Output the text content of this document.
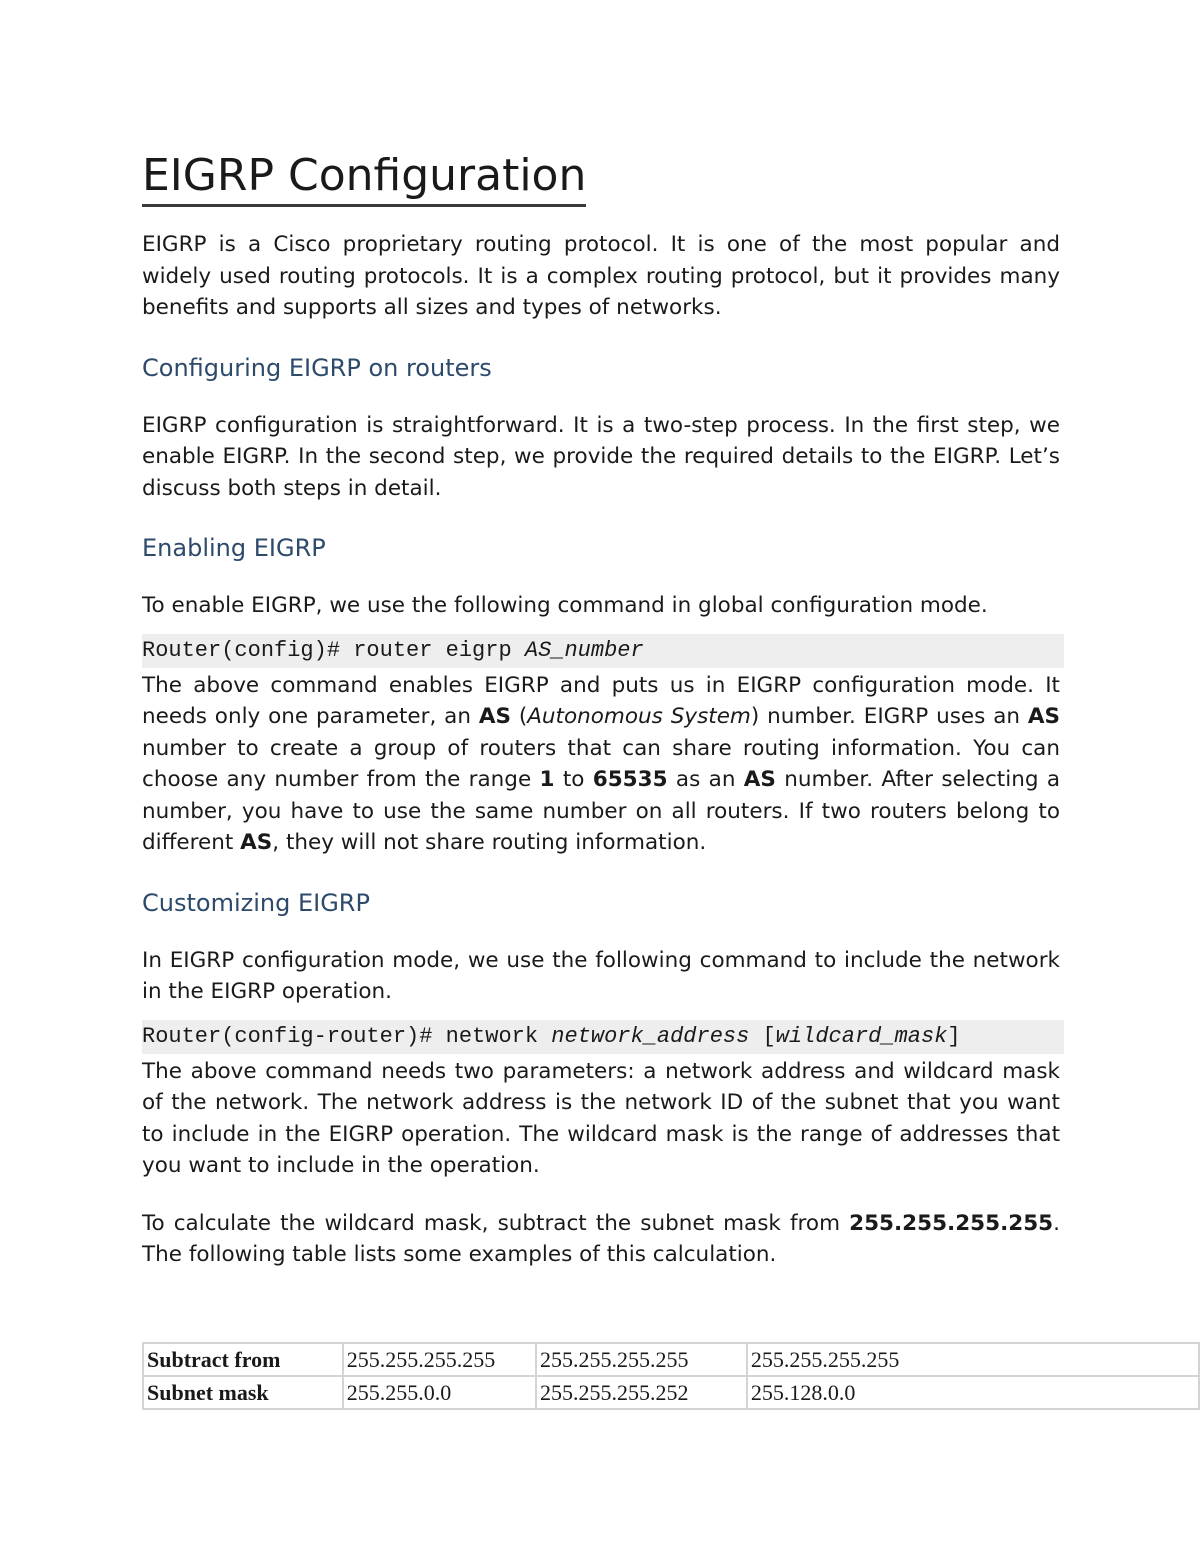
EIGRP Configuration

EIGRP is a Cisco proprietary routing protocol. It is one of the most popular and widely used routing protocols. It is a complex routing protocol, but it provides many benefits and supports all sizes and types of networks.

Configuring EIGRP on routers

EIGRP configuration is straightforward. It is a two-step process. In the first step, we enable EIGRP. In the second step, we provide the required details to the EIGRP. Let’s discuss both steps in detail.

Enabling EIGRP

To enable EIGRP, we use the following command in global configuration mode.

Router(config)# router eigrp AS_number

The above command enables EIGRP and puts us in EIGRP configuration mode. It needs only one parameter, an AS (Autonomous System) number. EIGRP uses an AS number to create a group of routers that can share routing information. You can choose any number from the range 1 to 65535 as an AS number. After selecting a number, you have to use the same number on all routers. If two routers belong to different AS, they will not share routing information.

Customizing EIGRP

In EIGRP configuration mode, we use the following command to include the network in the EIGRP operation.

Router(config-router)# network network_address [wildcard_mask]

The above command needs two parameters: a network address and wildcard mask of the network. The network address is the network ID of the subnet that you want to include in the EIGRP operation. The wildcard mask is the range of addresses that you want to include in the operation.

To calculate the wildcard mask, subtract the subnet mask from 255.255.255.255. The following table lists some examples of this calculation.

Subtract from	255.255.255.255	255.255.255.255	255.255.255.255
Subnet mask	255.255.0.0	255.255.255.252	255.128.0.0
